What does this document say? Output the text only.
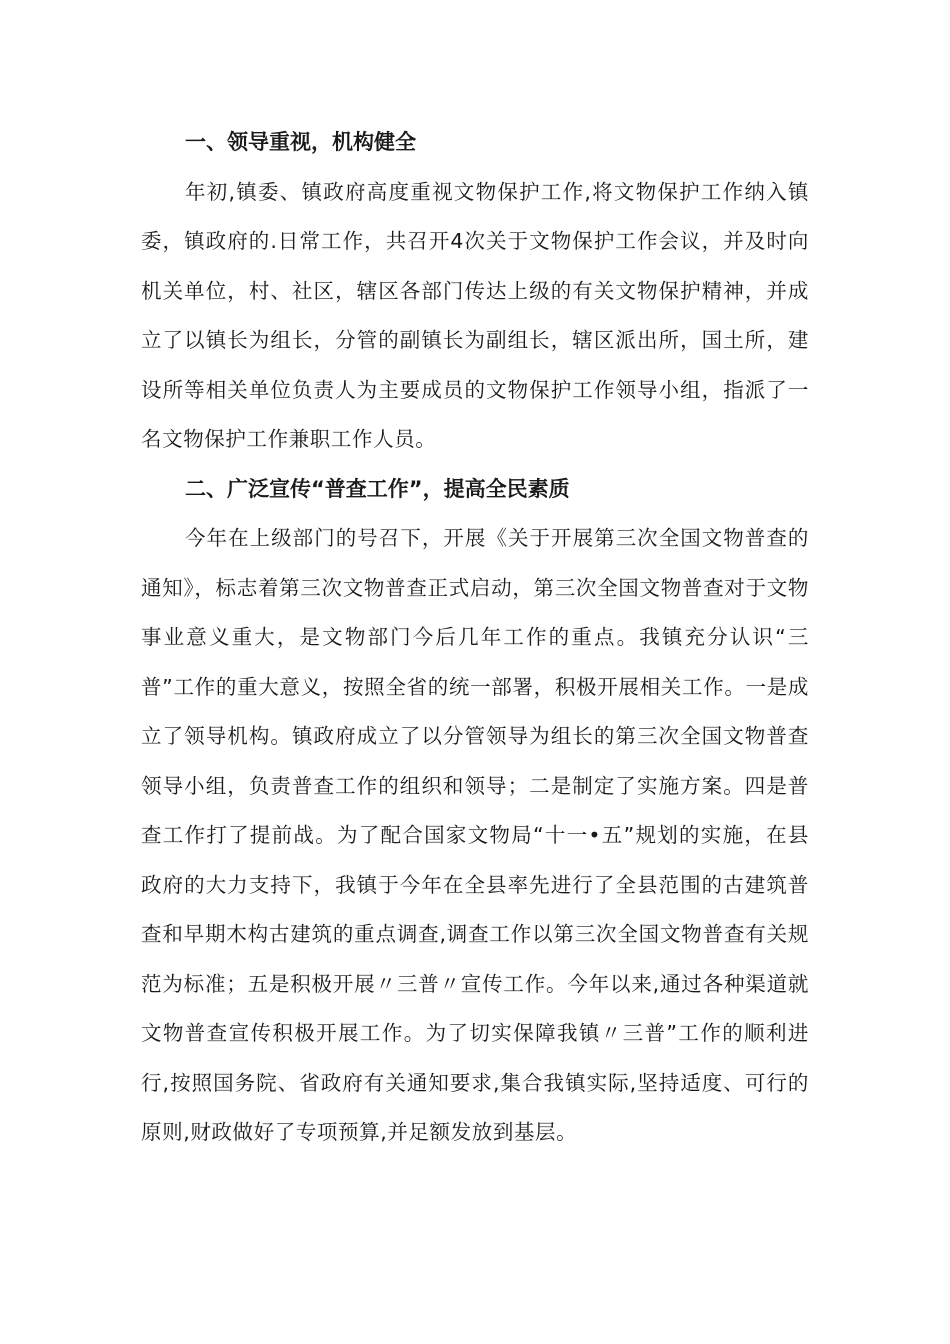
一、领导重视，机构健全

年初,镇委、镇政府高度重视文物保护工作,将文物保护工作纳入镇委，镇政府的.日常工作，共召开4次关于文物保护工作会议，并及时向机关单位，村、社区，辖区各部门传达上级的有关文物保护精神，并成立了以镇长为组长，分管的副镇长为副组长，辖区派出所，国土所，建设所等相关单位负责人为主要成员的文物保护工作领导小组，指派了一名文物保护工作兼职工作人员。

二、广泛宣传“普查工作”，提高全民素质

今年在上级部门的号召下，开展《关于开展第三次全国文物普查的通知》，标志着第三次文物普查正式启动，第三次全国文物普查对于文物事业意义重大，是文物部门今后几年工作的重点。我镇充分认识“三普”工作的重大意义，按照全省的统一部署，积极开展相关工作。一是成立了领导机构。镇政府成立了以分管领导为组长的第三次全国文物普查领导小组，负责普查工作的组织和领导；二是制定了实施方案。四是普查工作打了提前战。为了配合国家文物局“十一•五”规划的实施，在县政府的大力支持下，我镇于今年在全县率先进行了全县范围的古建筑普查和早期木构古建筑的重点调查,调查工作以第三次全国文物普查有关规范为标准；五是积极开展〃三普〃宣传工作。今年以来,通过各种渠道就文物普查宣传积极开展工作。为了切实保障我镇〃三普”工作的顺利进行,按照国务院、省政府有关通知要求,集合我镇实际,坚持适度、可行的原则,财政做好了专项预算,并足额发放到基层。
